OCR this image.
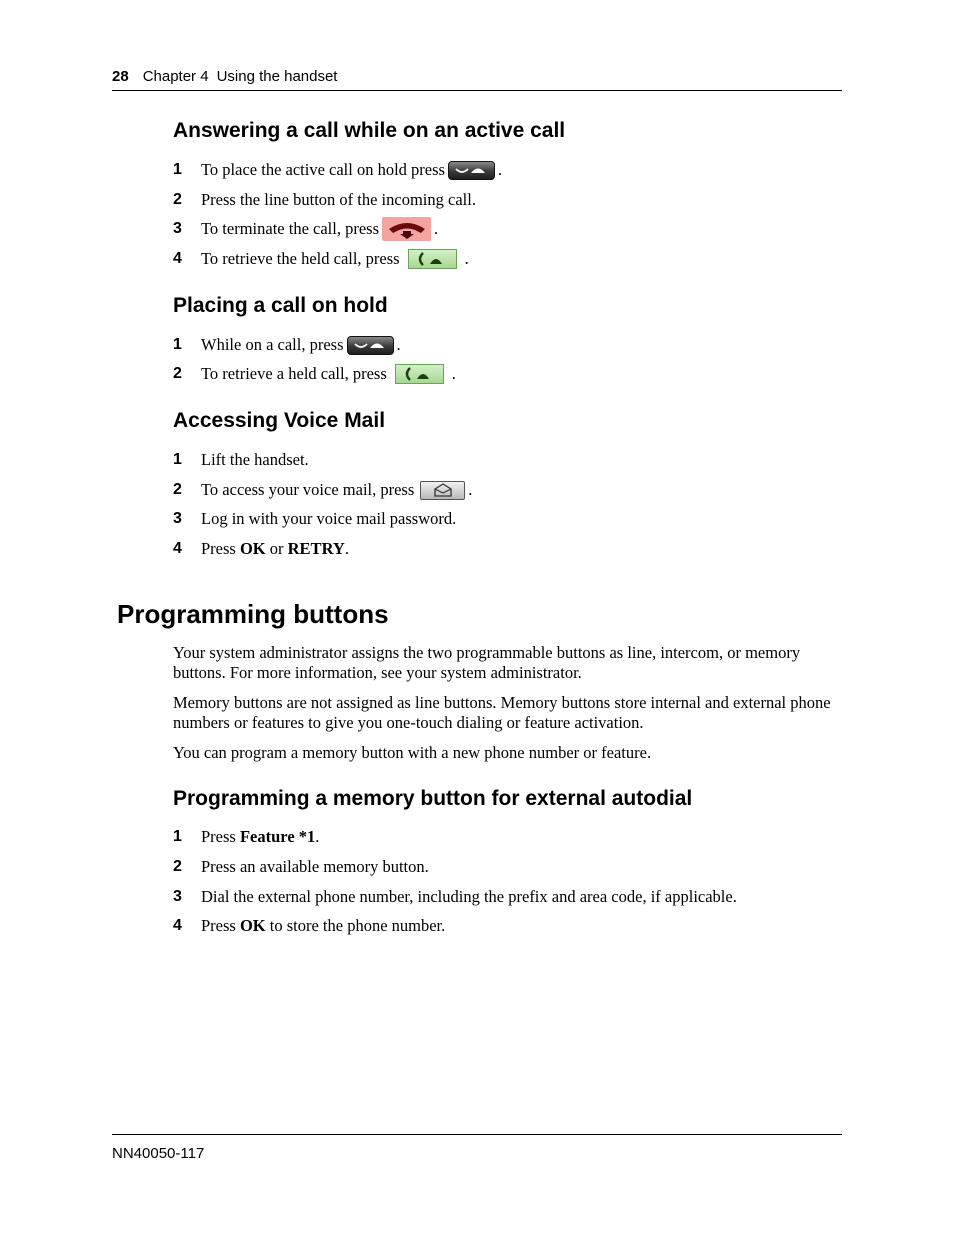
28 Chapter 4 Using the handset
Answering a call while on an active call
1	To place the active call on hold press	.
2	Press the line button of the incoming call.
3	To terminate the call, press	.
4	To retrieve the held call, press	.
Placing a call on hold
1	While on a call, press	.
2	To retrieve a held call, press	.
Accessing Voice Mail
1	Lift the handset.
2	To access your voice mail, press	.
3	Log in with your voice mail password.
4	Press
OK
or
RETRY .
Programming buttons

Your system administrator assigns the two programmable buttons as line, intercom, or memory buttons. For more information, see your system administrator.

Memory buttons are not assigned as line buttons. Memory buttons store internal and external phone numbers or features to give you one-touch dialing or feature activation.

You can program a memory button with a new phone number or feature.

Programming a memory button for external autodial
1	Press
Feature *1 .
2	Press an available memory button.
3	Dial the external phone number, including the prefix and area code, if applicable.
4	Press
OK
to store the phone number.
NN40050-117
